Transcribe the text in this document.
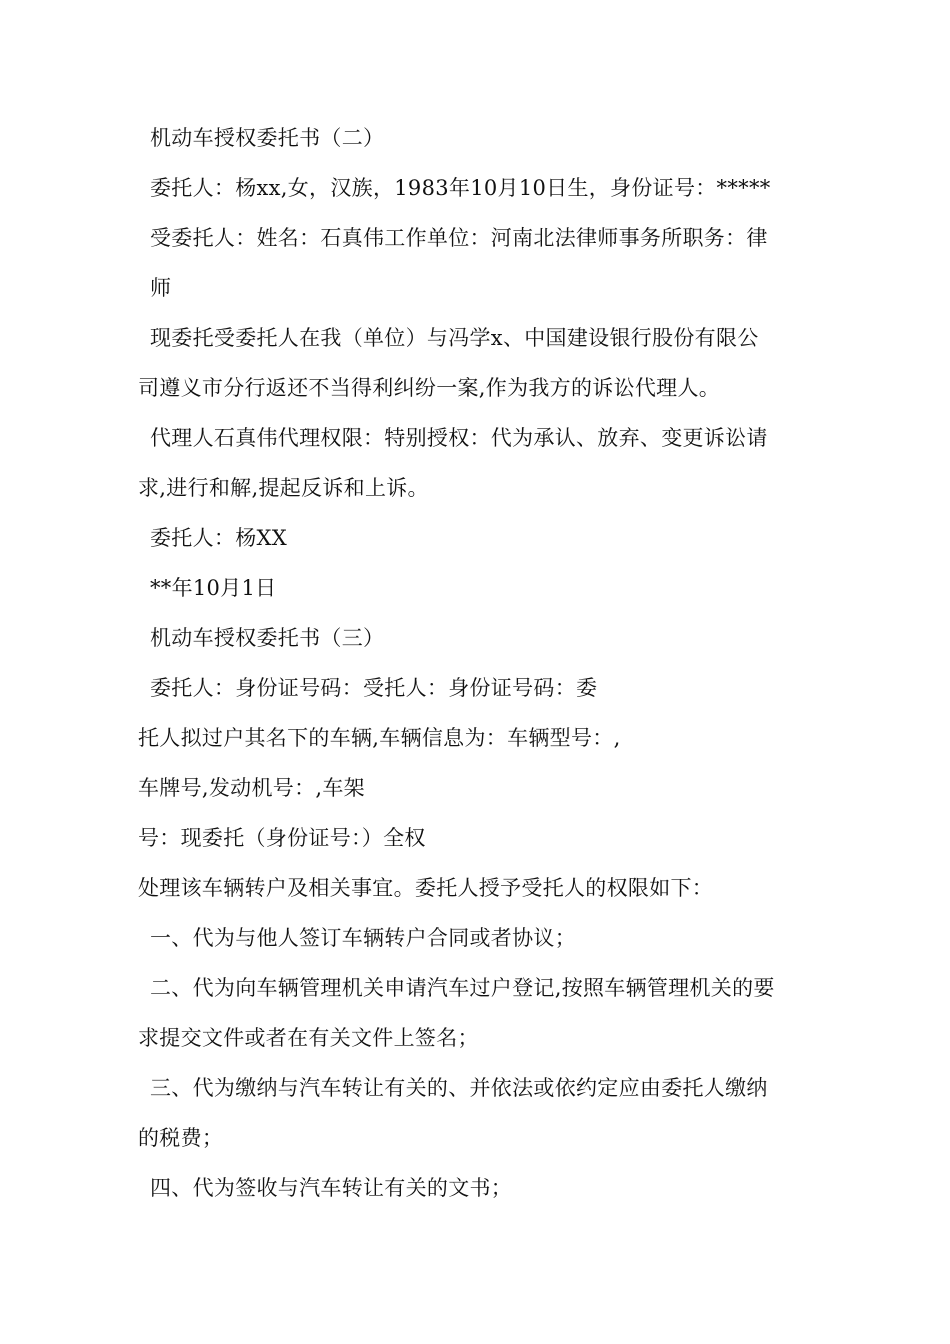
机动车授权委托书（二）
委托人：杨xx,女，汉族，1983年10月10日生，身份证号：*****
受委托人：姓名：石真伟工作单位：河南北法律师事务所职务：律
师
现委托受委托人在我（单位）与冯学x、中国建设银行股份有限公
司遵义市分行返还不当得利纠纷一案,作为我方的诉讼代理人。
代理人石真伟代理权限：特别授权：代为承认、放弃、变更诉讼请
求,进行和解,提起反诉和上诉。
委托人：杨XX
**年10月1日
机动车授权委托书（三）
委托人：身份证号码：受托人：身份证号码：委
托人拟过户其名下的车辆,车辆信息为：车辆型号：,
车牌号,发动机号：,车架
号：现委托（身份证号：）全权
处理该车辆转户及相关事宜。委托人授予受托人的权限如下：
一、代为与他人签订车辆转户合同或者协议；
二、代为向车辆管理机关申请汽车过户登记,按照车辆管理机关的要
求提交文件或者在有关文件上签名；
三、代为缴纳与汽车转让有关的、并依法或依约定应由委托人缴纳
的税费；
四、代为签收与汽车转让有关的文书；
